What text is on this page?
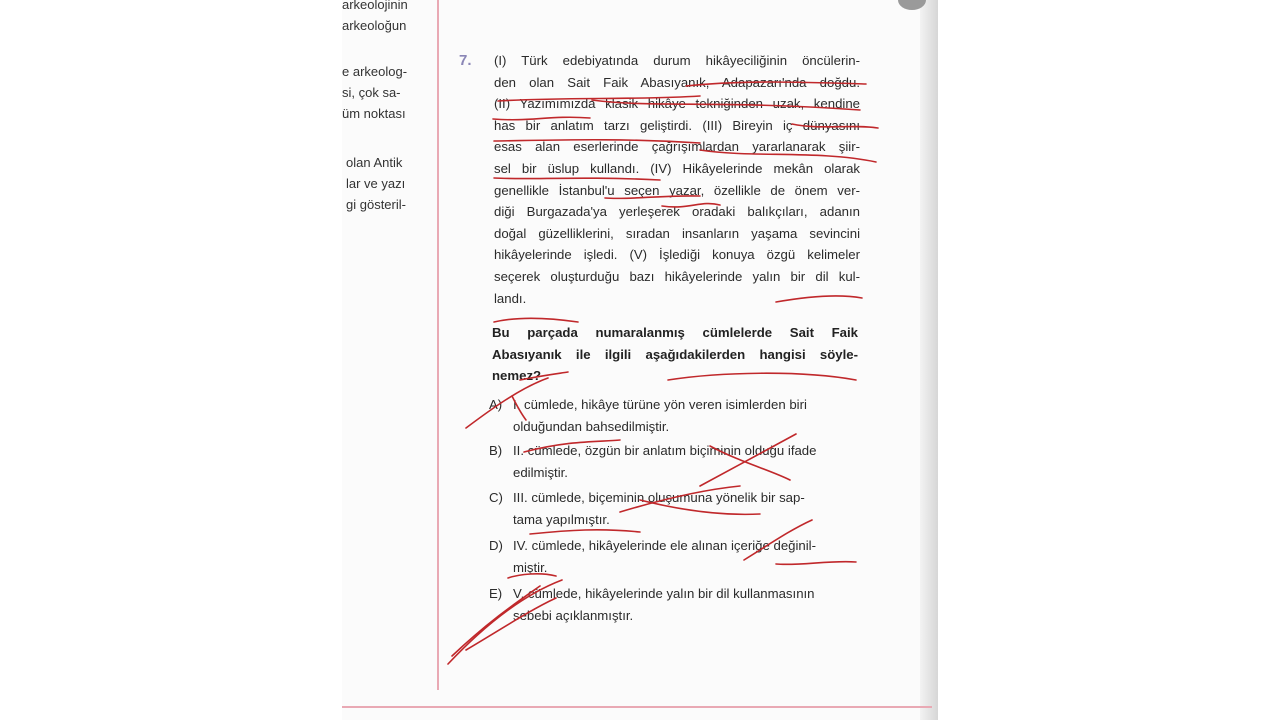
arkeolojinin
arkeoloğun
e arkeolog-
si, çok sa-
üm noktası
olan Antik
lar ve yazı
gi gösteril-
7. (I) Türk edebiyatında durum hikâyeciliğinin öncülerin-
den olan Sait Faik Abasıyanık, Adapazarı'nda doğdu.
(II) Yazımımızda klasik hikâye tekniğinden uzak, kendine
has bir anlatım tarzı geliştirdi. (III) Bireyin iç dünyasını
esas alan eserlerinde çağrışımlardan yararlanarak şiir-
sel bir üslup kullandı. (IV) Hikâyelerinde mekân olarak
genellikle İstanbul'u seçen yazar, özellikle de önem ver-
diği Burgazada'ya yerleşerek oradaki balıkçıları, adanın
doğal güzelliklerini, sıradan insanların yaşama sevincini
hikâyelerinde işledi. (V) İşlediği konuya özgü kelimeler
seçerek oluşturduğu bazı hikâyelerinde yalın bir dil kul-
landı.
Bu parçada numaralanmış cümlelerde Sait Faik
Abasıyanık ile ilgili aşağıdakilerden hangisi söyle-
nemez?
A) I. cümlede, hikâye türüne yön veren isimlerden biri
olduğundan bahsedilmiştir.
B) II. cümlede, özgün bir anlatım biçiminin olduğu ifade
edilmiştir.
C) III. cümlede, biçeminin oluşumuna yönelik bir sap-
tama yapılmıştır.
D) IV. cümlede, hikâyelerinde ele alınan içeriğe değinil-
miştir.
E) V. cümlede, hikâyelerinde yalın bir dil kullanmasının
sebebi açıklanmıştır.
